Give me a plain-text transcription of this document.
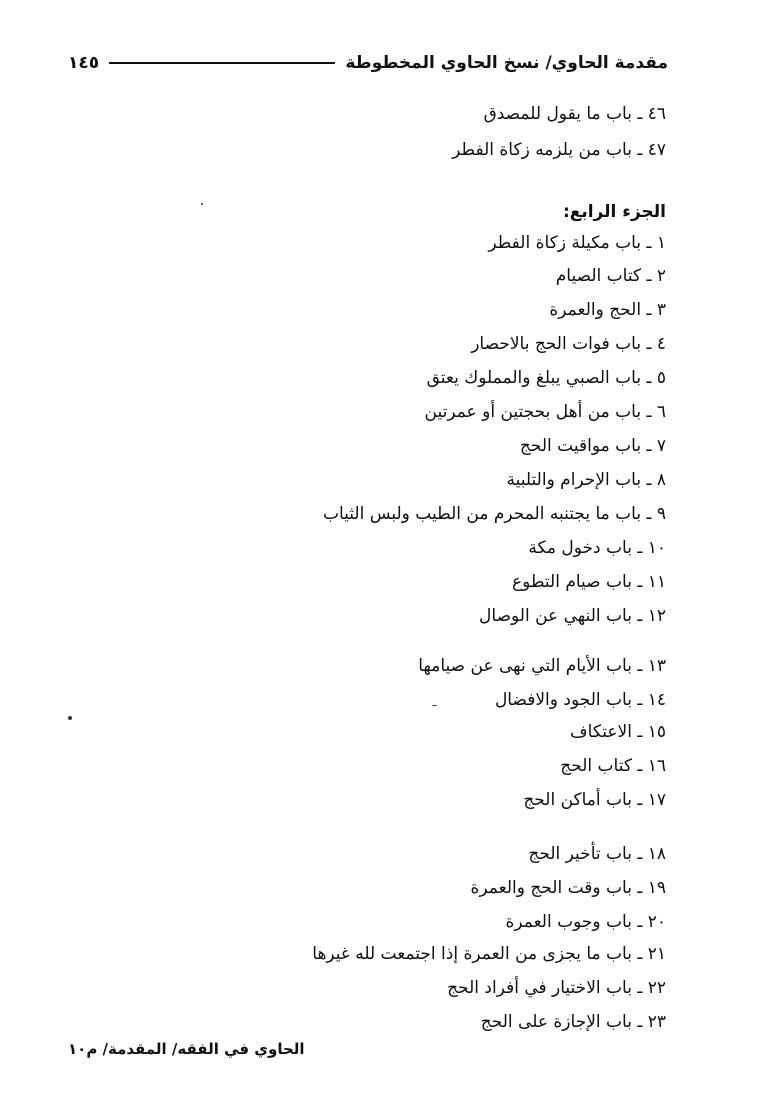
مقدمة الحاوي/ نسخ الحاوي المخطوطة
١٤٥
٤٦ ـ باب ما يقول للمصدق
٤٧ ـ باب من يلزمه زكاة الفطر
الجزء الرابع:
١ ـ باب مكيلة زكاة الفطر
٢ ـ كتاب الصيام
٣ ـ الحج والعمرة
٤ ـ باب فوات الحج بالاحصار
٥ ـ باب الصبي يبلغ والمملوك يعتق
٦ ـ باب من أهل بحجتين أو عمرتين
٧ ـ باب مواقيت الحج
٨ ـ باب الإحرام والتلبية
٩ ـ باب ما يجتنبه المحرم من الطيب ولبس الثياب
١٠ ـ باب دخول مكة
١١ ـ باب صيام التطوع
١٢ ـ باب النهي عن الوصال
١٣ ـ باب الأيام التي نهى عن صيامها
١٤ ـ باب الجود والافضال
١٥ ـ الاعتكاف
١٦ ـ كتاب الحج
١٧ ـ باب أماكن الحج
١٨ ـ باب تأخير الحج
١٩ ـ باب وقت الحج والعمرة
٢٠ ـ باب وجوب العمرة
٢١ ـ باب ما يجزى من العمرة إذا اجتمعت لله غيرها
٢٢ ـ باب الاختيار في أفراد الحج
٢٣ ـ باب الإجازة على الحج
الحاوي في الفقه/ المقدمة/ م١٠
